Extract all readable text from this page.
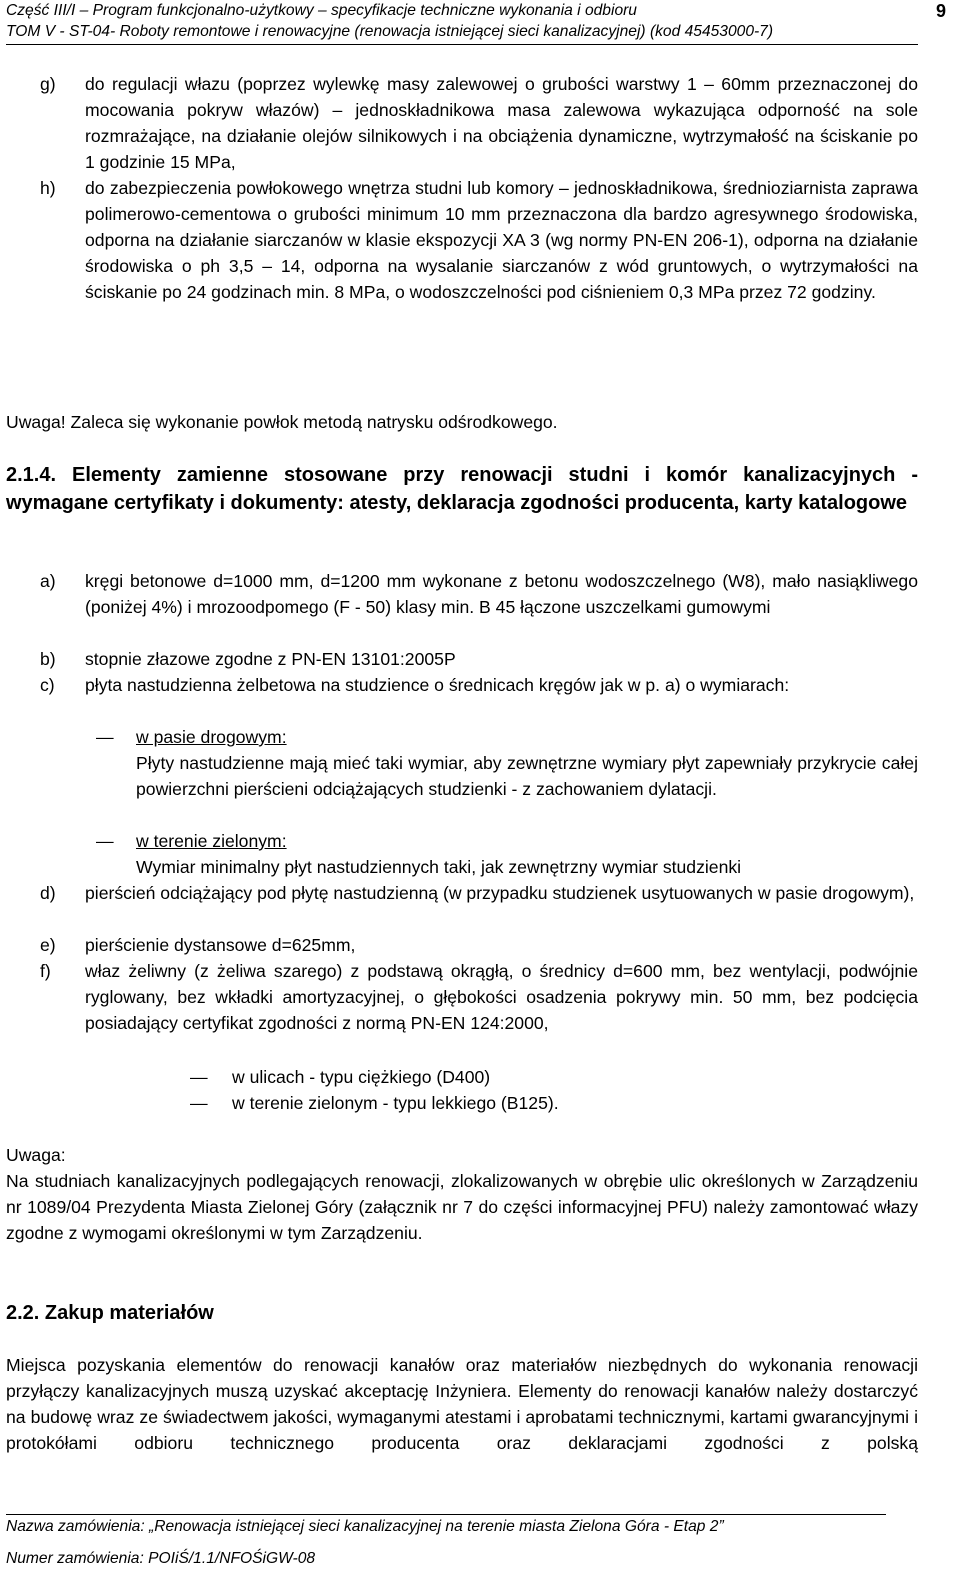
Część III/I – Program funkcjonalno-użytkowy – specyfikacje techniczne wykonania i odbioru
TOM V - ST-04- Roboty remontowe i renowacyjne (renowacja istniejącej sieci kanalizacyjnej) (kod 45453000-7)
9
g)	do regulacji włazu (poprzez wylewkę masy zalewowej o grubości warstwy 1 – 60mm przeznaczonej do mocowania pokryw włazów) – jednoskładnikowa masa zalewowa wykazująca odporność na sole rozmrażające, na działanie olejów silnikowych i na obciążenia dynamiczne, wytrzymałość na ściskanie po 1 godzinie 15 MPa,
h)	do zabezpieczenia powłokowego wnętrza studni lub komory – jednoskładnikowa, średnioziarnista zaprawa polimerowo-cementowa o grubości minimum 10 mm przeznaczona dla bardzo agresywnego środowiska, odporna na działanie siarczanów w klasie ekspozycji XA 3 (wg normy PN-EN 206-1), odporna na działanie środowiska o ph 3,5 – 14, odporna na wysalanie siarczanów z wód gruntowych, o wytrzymałości na ściskanie po 24 godzinach min. 8 MPa, o wodoszczelności pod ciśnieniem 0,3 MPa przez 72 godziny.
Uwaga! Zaleca się wykonanie powłok metodą natrysku odśrodkowego.
2.1.4. Elementy zamienne stosowane przy renowacji studni i komór kanalizacyjnych - wymagane certyfikaty i dokumenty: atesty, deklaracja zgodności producenta, karty katalogowe
a)	kręgi betonowe d=1000 mm, d=1200 mm wykonane z betonu wodoszczelnego (W8), mało nasiąkliwego (poniżej 4%) i mrozoodpomego (F - 50) klasy min. B 45 łączone uszczelkami gumowymi
b)	stopnie złazowe zgodne z PN-EN 13101:2005P
c)	płyta nastudzienna żelbetowa na studzience o średnicach kręgów jak w p. a) o wymiarach:
— w pasie drogowym:
Płyty nastudzienne mają mieć taki wymiar, aby zewnętrzne wymiary płyt zapewniały przykrycie całej powierzchni pierścieni odciążających studzienki - z zachowaniem dylatacji.
— w terenie zielonym:
Wymiar minimalny płyt nastudziennych taki, jak zewnętrzny wymiar studzienki
d)	pierścień odciążający pod płytę nastudzienną (w przypadku studzienek usytuowanych w pasie drogowym),
e)	pierścienie dystansowe d=625mm,
f)	właz żeliwny (z żeliwa szarego) z podstawą okrągłą, o średnicy d=600 mm, bez wentylacji, podwójnie ryglowany, bez wkładki amortyzacyjnej, o głębokości osadzenia pokrywy min. 50 mm, bez podcięcia posiadający certyfikat zgodności z normą PN-EN 124:2000,
— w ulicach - typu ciężkiego (D400)
— w terenie zielonym - typu lekkiego (B125).
Uwaga:
Na studniach kanalizacyjnych podlegających renowacji, zlokalizowanych w obrębie ulic określonych w Zarządzeniu nr 1089/04 Prezydenta Miasta Zielonej Góry (załącznik nr 7 do części informacyjnej PFU) należy zamontować włazy zgodne z wymogami określonymi w tym Zarządzeniu.
2.2. Zakup materiałów
Miejsca pozyskania elementów do renowacji kanałów oraz materiałów niezbędnych do wykonania renowacji przyłączy kanalizacyjnych muszą uzyskać akceptację Inżyniera. Elementy do renowacji kanałów należy dostarczyć na budowę wraz ze świadectwem jakości, wymaganymi atestami i aprobatami technicznymi, kartami gwarancyjnymi i protokółami odbioru technicznego producenta oraz deklaracjami zgodności z polską
Nazwa zamówienia: „Renowacja istniejącej sieci kanalizacyjnej na terenie miasta Zielona Góra - Etap 2”
Numer zamówienia: POIiŚ/1.1/NFOŚiGW-08
